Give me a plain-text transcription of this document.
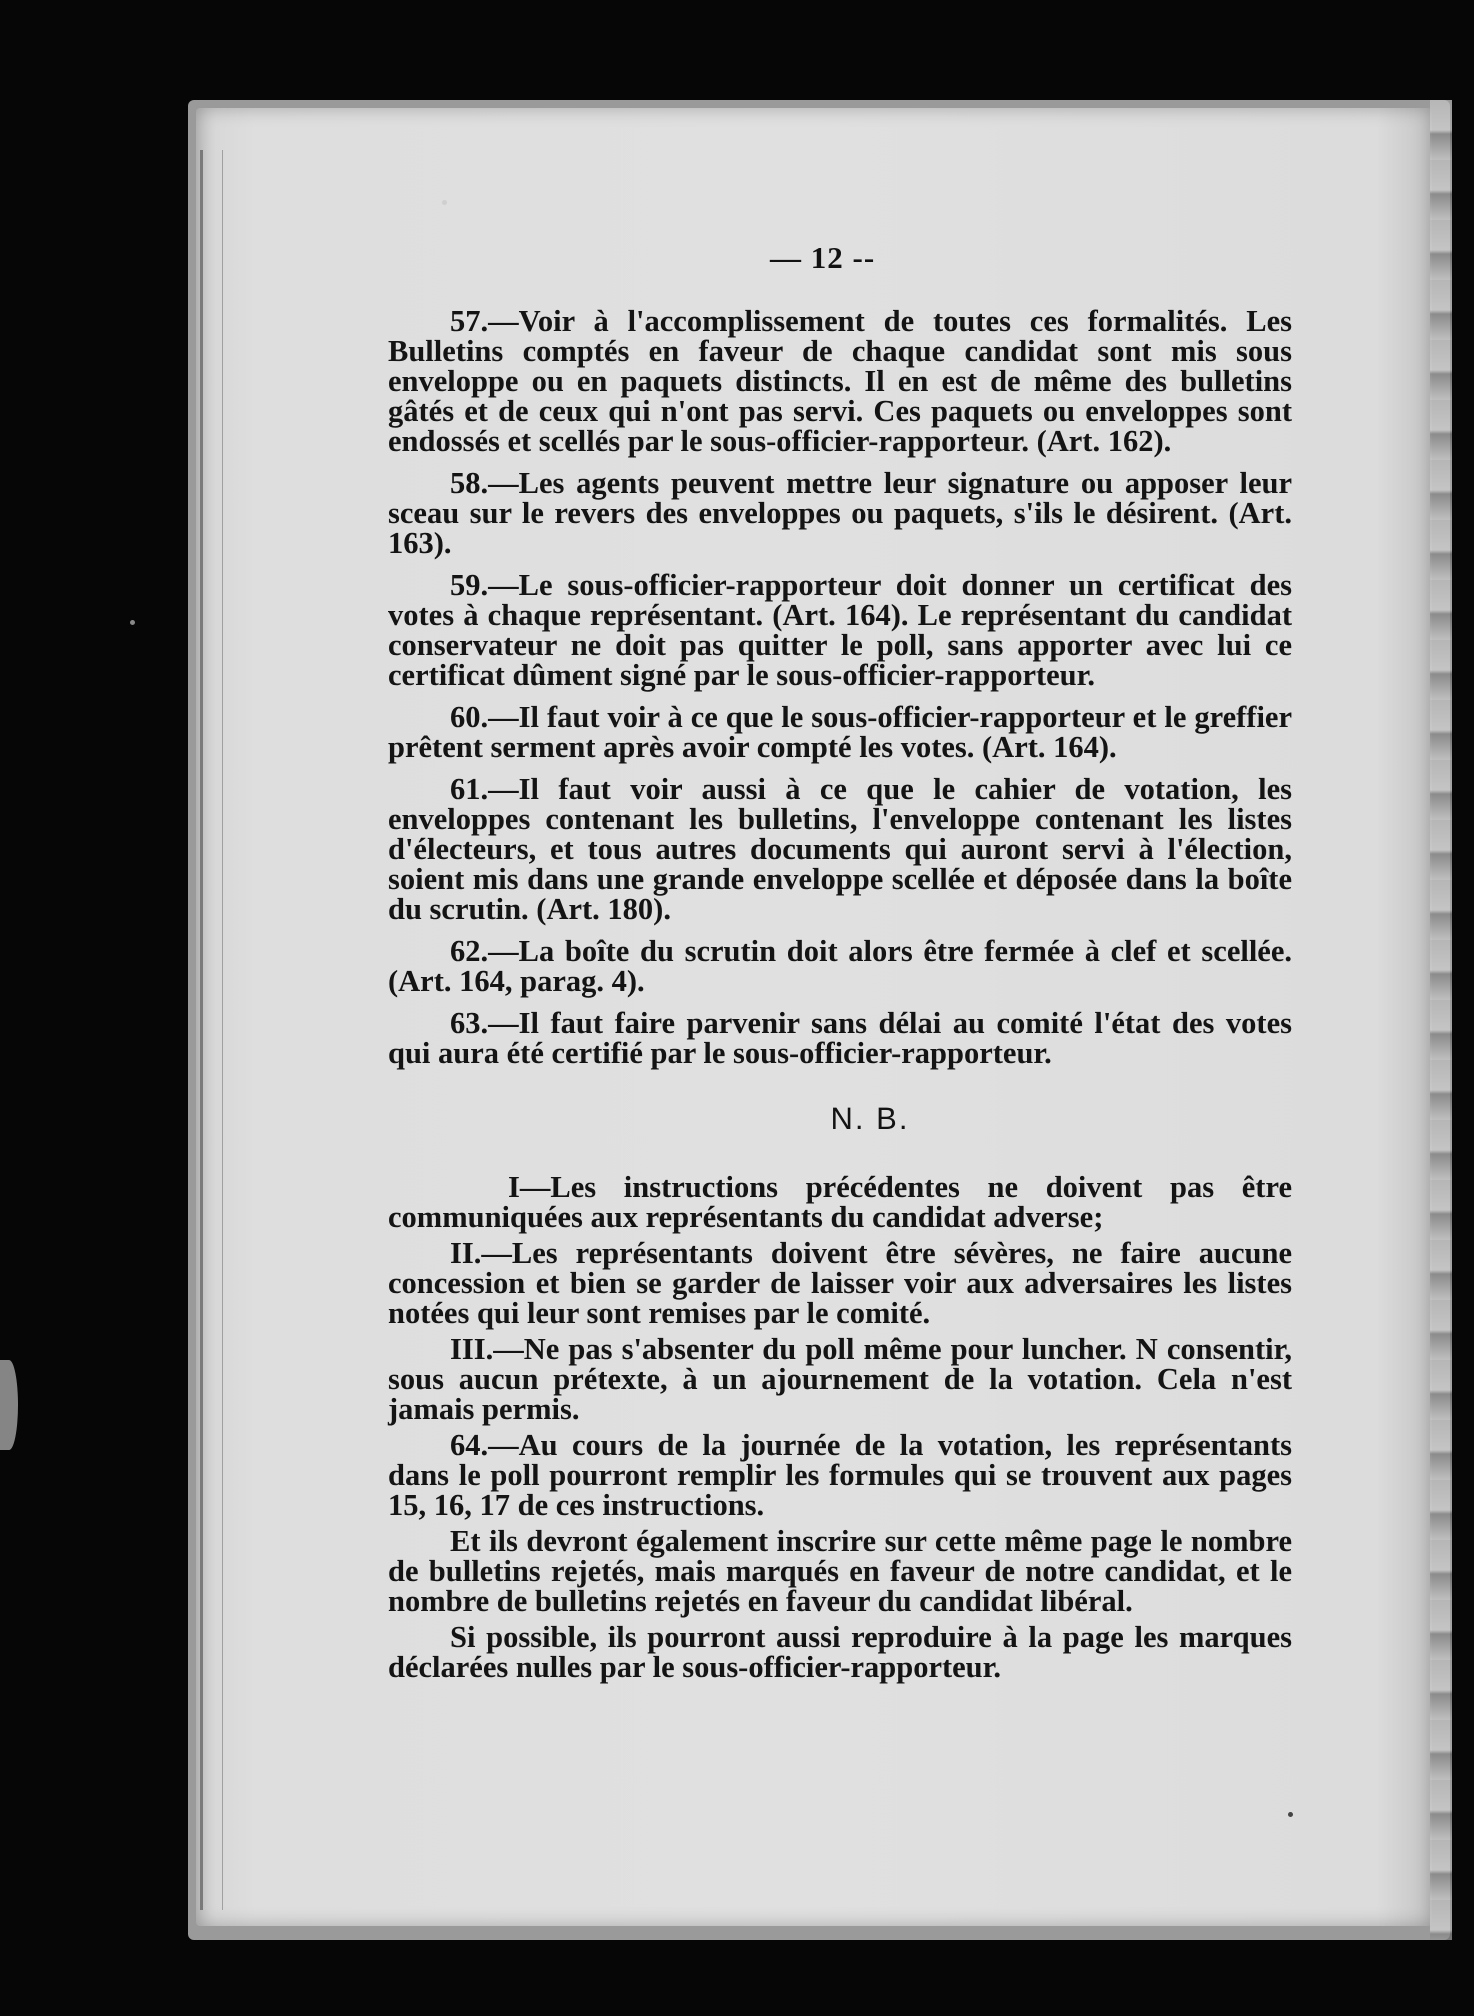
— 12 --

57.—Voir à l'accomplissement de toutes ces formalités. Les Bulletins comptés en faveur de chaque candidat sont mis sous enveloppe ou en paquets distincts. Il en est de même des bulletins gâtés et de ceux qui n'ont pas servi. Ces paquets ou enveloppes sont endossés et scellés par le sous-officier-rapporteur. (Art. 162).

58.—Les agents peuvent mettre leur signature ou apposer leur sceau sur le revers des enveloppes ou paquets, s'ils le désirent. (Art. 163).

59.—Le sous-officier-rapporteur doit donner un certificat des votes à chaque représentant. (Art. 164). Le représentant du candidat conservateur ne doit pas quitter le poll, sans apporter avec lui ce certificat dûment signé par le sous-officier-rapporteur.

60.—Il faut voir à ce que le sous-officier-rapporteur et le greffier prêtent serment après avoir compté les votes. (Art. 164).

61.—Il faut voir aussi à ce que le cahier de votation, les enveloppes contenant les bulletins, l'enveloppe contenant les listes d'électeurs, et tous autres documents qui auront servi à l'élection, soient mis dans une grande enveloppe scellée et déposée dans la boîte du scrutin. (Art. 180).

62.—La boîte du scrutin doit alors être fermée à clef et scellée. (Art. 164, parag. 4).

63.—Il faut faire parvenir sans délai au comité l'état des votes qui aura été certifié par le sous-officier-rapporteur.

N. B.

I—Les instructions précédentes ne doivent pas être communiquées aux représentants du candidat adverse;

II.—Les représentants doivent être sévères, ne faire aucune concession et bien se garder de laisser voir aux adversaires les listes notées qui leur sont remises par le comité.

III.—Ne pas s'absenter du poll même pour luncher. N consentir, sous aucun prétexte, à un ajournement de la votation. Cela n'est jamais permis.

64.—Au cours de la journée de la votation, les représentants dans le poll pourront remplir les formules qui se trouvent aux pages 15, 16, 17 de ces instructions.

Et ils devront également inscrire sur cette même page le nombre de bulletins rejetés, mais marqués en faveur de notre candidat, et le nombre de bulletins rejetés en faveur du candidat libéral.

Si possible, ils pourront aussi reproduire à la page les marques déclarées nulles par le sous-officier-rapporteur.
